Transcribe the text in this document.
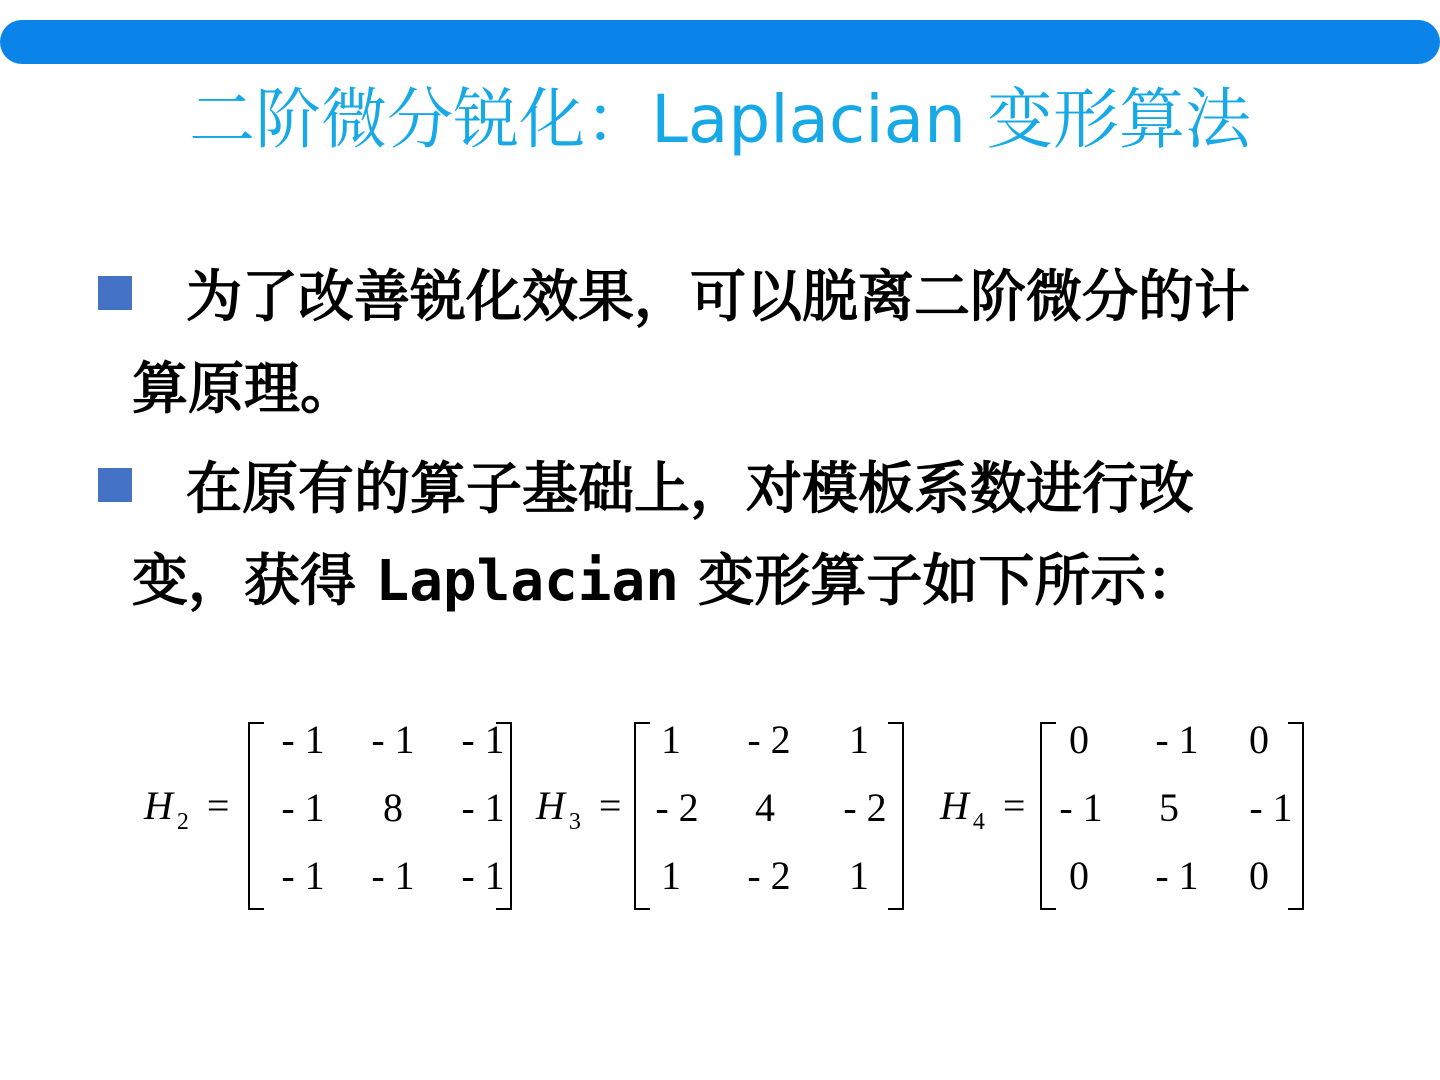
二阶微分锐化：Laplacian 变形算法
为了改善锐化效果，可以脱离二阶微分的计算原理。
在原有的算子基础上，对模板系数进行改变，获得 Laplacian 变形算子如下所示：
H $_2$ =
- 1	- 1	- 1
- 1	8	- 1
- 1	- 1	- 1
H $_3$ =
1	- 2	1
- 2	4	- 2
1	- 2	1
H $_4$ =
0	- 1	0
- 1	5	- 1
0	- 1	0
